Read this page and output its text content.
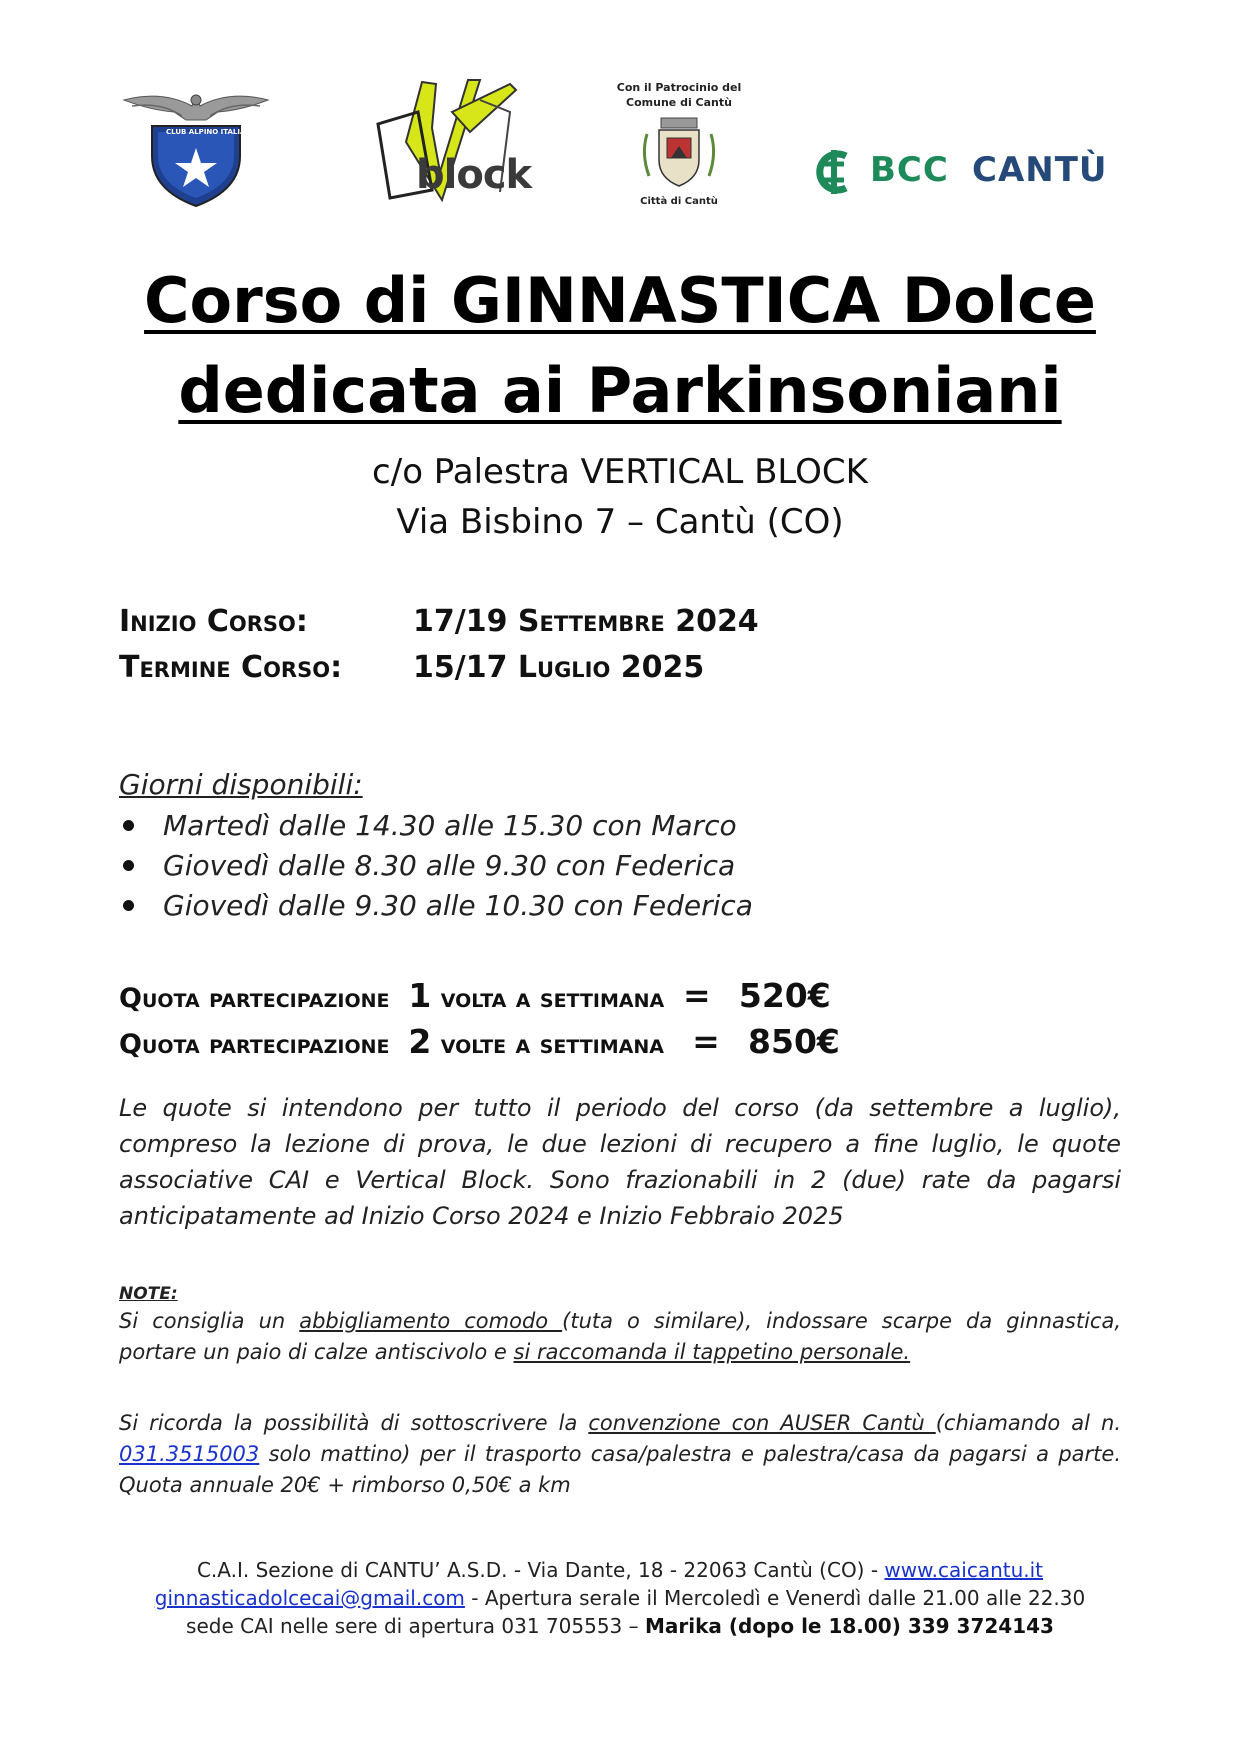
CLUB ALPINO ITALIANO
block
Con il Patrocinio del
Comune di Cantù
Città di Cantù
BCC CANTÙ
Corso di GINNASTICA Dolce
dedicata ai Parkinsoniani
c/o Palestra VERTICAL BLOCK
Via Bisbino 7 – Cantù (CO)
Inizio Corso:	17/19 Settembre 2024
Termine Corso: 15/17 Luglio 2025
Giorni disponibili:
Martedì dalle 14.30 alle 15.30 con Marco
Giovedì dalle 8.30 alle 9.30 con Federica
Giovedì dalle 9.30 alle 10.30 con Federica
Quota partecipazione 1 volta a settimana = 520€
Quota partecipazione 2 volte a settimana = 850€
Le quote si intendono per tutto il periodo del corso (da settembre a luglio), compreso la lezione di prova, le due lezioni di recupero a fine luglio, le quote associative CAI e Vertical Block. Sono frazionabili in 2 (due) rate da pagarsi anticipatamente ad Inizio Corso 2024 e Inizio Febbraio 2025
NOTE:
Si consiglia un abbigliamento comodo (tuta o similare), indossare scarpe da ginnastica, portare un paio di calze antiscivolo e si raccomanda il tappetino personale.
Si ricorda la possibilità di sottoscrivere la convenzione con AUSER Cantù (chiamando al n. 031.3515003 solo mattino) per il trasporto casa/palestra e palestra/casa da pagarsi a parte. Quota annuale 20€ + rimborso 0,50€ a km
C.A.I. Sezione di CANTU’ A.S.D. - Via Dante, 18 - 22063 Cantù (CO) - www.caicantu.it
ginnasticadolcecai@gmail.com - Apertura serale il Mercoledì e Venerdì dalle 21.00 alle 22.30
sede CAI nelle sere di apertura 031 705553 – Marika (dopo le 18.00) 339 3724143
